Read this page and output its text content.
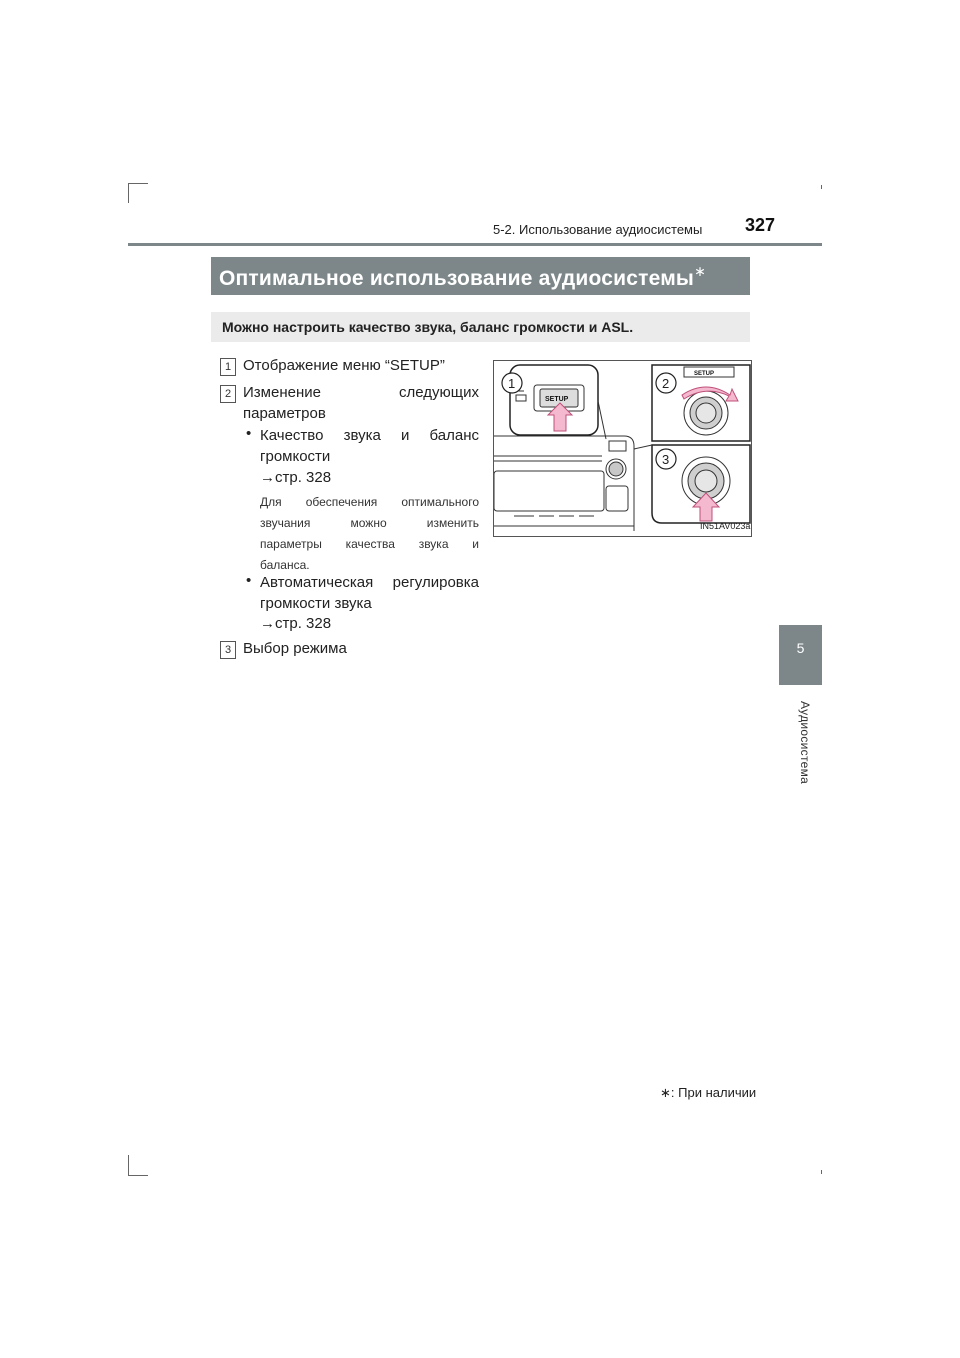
5-2. Использование аудиосистемы 327
5
Аудиосистема
Оптимальное использование аудиосистемы∗
Можно настроить качество звука, баланс громкости и ASL.
1 Отображение меню “SETUP”
2 Изменение следующих
параметров
• Качество звука и баланс
громкости
→стр. 328
Для обеспечения оптимального
звучания можно изменить
параметры качества звука и
баланса.
• Автоматическая регулировка
громкости звука
→стр. 328
3 Выбор режима
SETUP
1
SETUP
2
3
IN51AV023a
∗: При наличии
